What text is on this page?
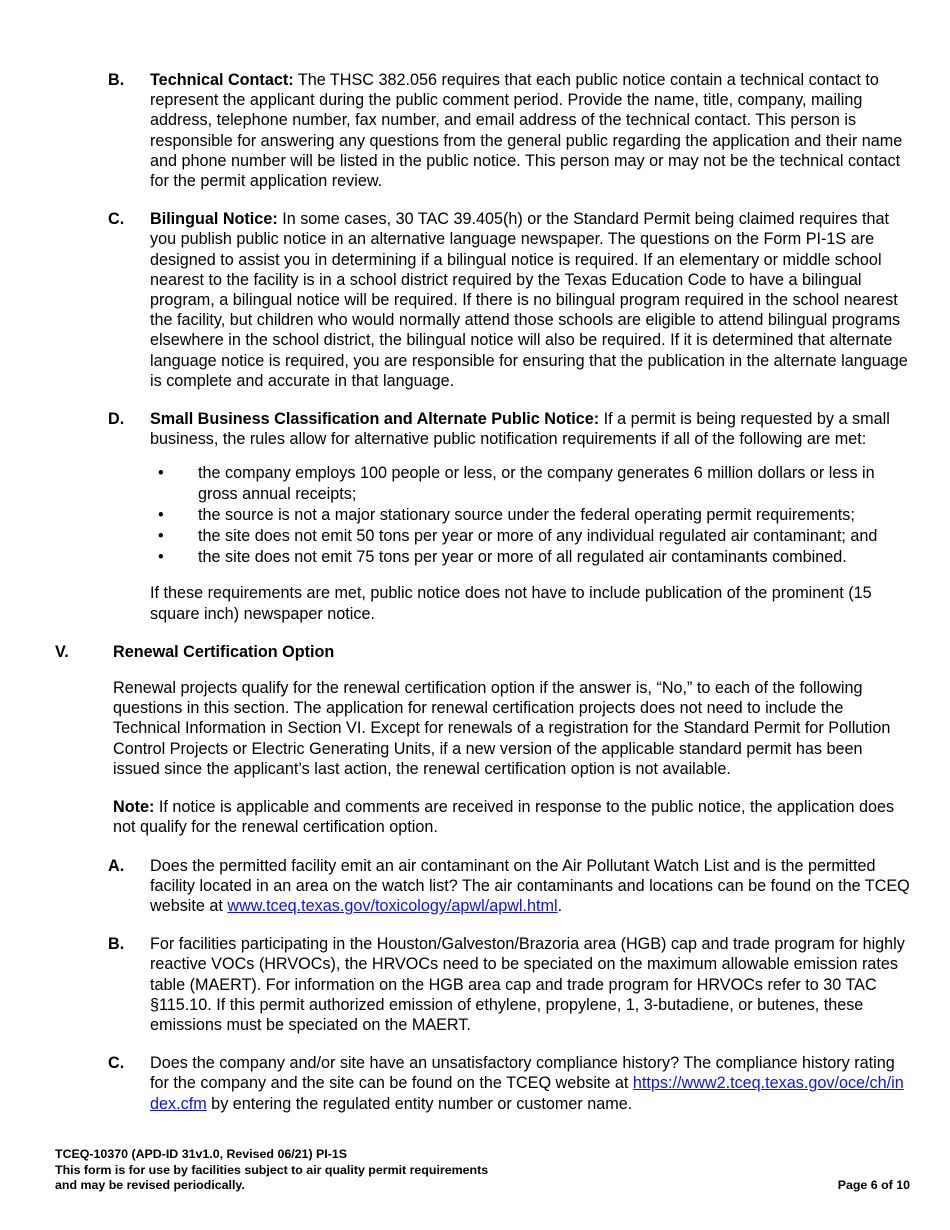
B.	Technical Contact: The THSC 382.056 requires that each public notice contain a technical contact to represent the applicant during the public comment period. Provide the name, title, company, mailing address, telephone number, fax number, and email address of the technical contact. This person is responsible for answering any questions from the general public regarding the application and their name and phone number will be listed in the public notice. This person may or may not be the technical contact for the permit application review.

C.	Bilingual Notice: In some cases, 30 TAC 39.405(h) or the Standard Permit being claimed requires that you publish public notice in an alternative language newspaper. The questions on the Form PI-1S are designed to assist you in determining if a bilingual notice is required. If an elementary or middle school nearest to the facility is in a school district required by the Texas Education Code to have a bilingual program, a bilingual notice will be required. If there is no bilingual program required in the school nearest the facility, but children who would normally attend those schools are eligible to attend bilingual programs elsewhere in the school district, the bilingual notice will also be required. If it is determined that alternate language notice is required, you are responsible for ensuring that the publication in the alternate language is complete and accurate in that language.

D.	Small Business Classification and Alternate Public Notice: If a permit is being requested by a small business, the rules allow for alternative public notification requirements if all of the following are met:

•	the company employs 100 people or less, or the company generates 6 million dollars or less in gross annual receipts;
•	the source is not a major stationary source under the federal operating permit requirements;
•	the site does not emit 50 tons per year or more of any individual regulated air contaminant; and
•	the site does not emit 75 tons per year or more of all regulated air contaminants combined.
If these requirements are met, public notice does not have to include publication of the prominent (15 square inch) newspaper notice.
V.	Renewal Certification Option
Renewal projects qualify for the renewal certification option if the answer is, “No,” to each of the following questions in this section. The application for renewal certification projects does not need to include the Technical Information in Section VI. Except for renewals of a registration for the Standard Permit for Pollution Control Projects or Electric Generating Units, if a new version of the applicable standard permit has been issued since the applicant’s last action, the renewal certification option is not available.
Note: If notice is applicable and comments are received in response to the public notice, the application does not qualify for the renewal certification option.
A.	Does the permitted facility emit an air contaminant on the Air Pollutant Watch List and is the permitted facility located in an area on the watch list? The air contaminants and locations can be found on the TCEQ website at www.tceq.texas.gov/toxicology/apwl/apwl.html.

B.	For facilities participating in the Houston/Galveston/Brazoria area (HGB) cap and trade program for highly reactive VOCs (HRVOCs), the HRVOCs need to be speciated on the maximum allowable emission rates table (MAERT). For information on the HGB area cap and trade program for HRVOCs refer to 30 TAC §115.10. If this permit authorized emission of ethylene, propylene, 1, 3-butadiene, or butenes, these emissions must be speciated on the MAERT.

C.	Does the company and/or site have an unsatisfactory compliance history? The compliance history rating for the company and the site can be found on the TCEQ website at https://www2.tceq.texas.gov/oce/ch/index.cfm by entering the regulated entity number or customer name.

TCEQ-10370 (APD-ID 31v1.0, Revised 06/21) PI-1S
This form is for use by facilities subject to air quality permit requirements
and may be revised periodically.	Page 6 of 10
